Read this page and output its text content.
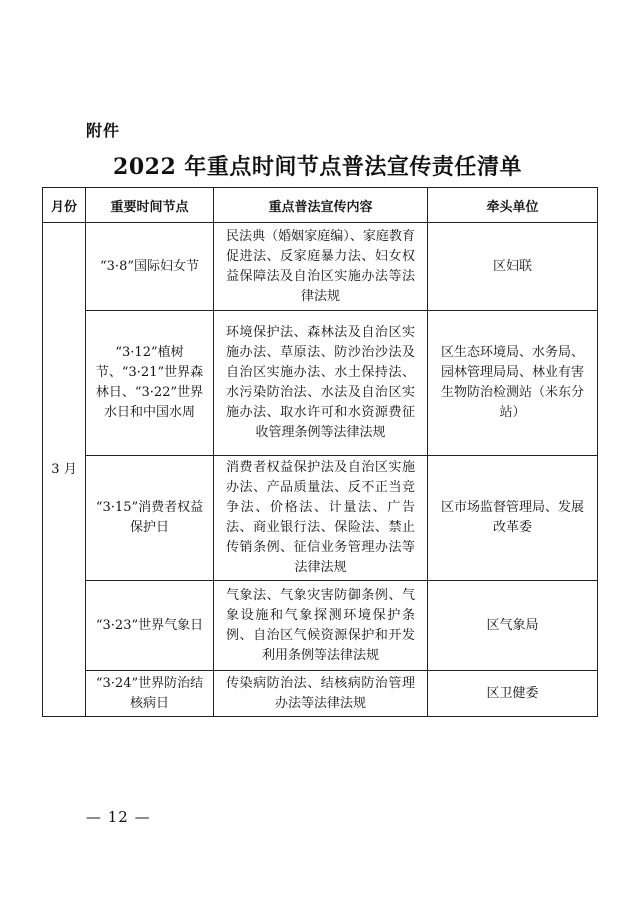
附件
2022 年重点时间节点普法宣传责任清单
月份	重要时间节点	重点普法宣传内容	牵头单位
3 月	“3·8”国际妇女节	民法典（婚姻家庭编）、家庭教育促进法、反家庭暴力法、妇女权益保障法及自治区实施办法等法律法规	区妇联
	“3·12”植树节、“3·21”世界森林日、“3·22”世界水日和中国水周	环境保护法、森林法及自治区实施办法、草原法、防沙治沙法及自治区实施办法、水土保持法、水污染防治法、水法及自治区实施办法、取水许可和水资源费征收管理条例等法律法规	区生态环境局、水务局、园林管理局局、林业有害生物防治检测站（米东分站）
	“3·15”消费者权益保护日	消费者权益保护法及自治区实施办法、产品质量法、反不正当竞争法、价格法、计量法、广告法、商业银行法、保险法、禁止传销条例、征信业务管理办法等法律法规	区市场监督管理局、发展改革委
	“3·23”世界气象日	气象法、气象灾害防御条例、气象设施和气象探测环境保护条例、自治区气候资源保护和开发利用条例等法律法规	区气象局
	“3·24”世界防治结核病日	传染病防治法、结核病防治管理办法等法律法规	区卫健委
— 12 —
